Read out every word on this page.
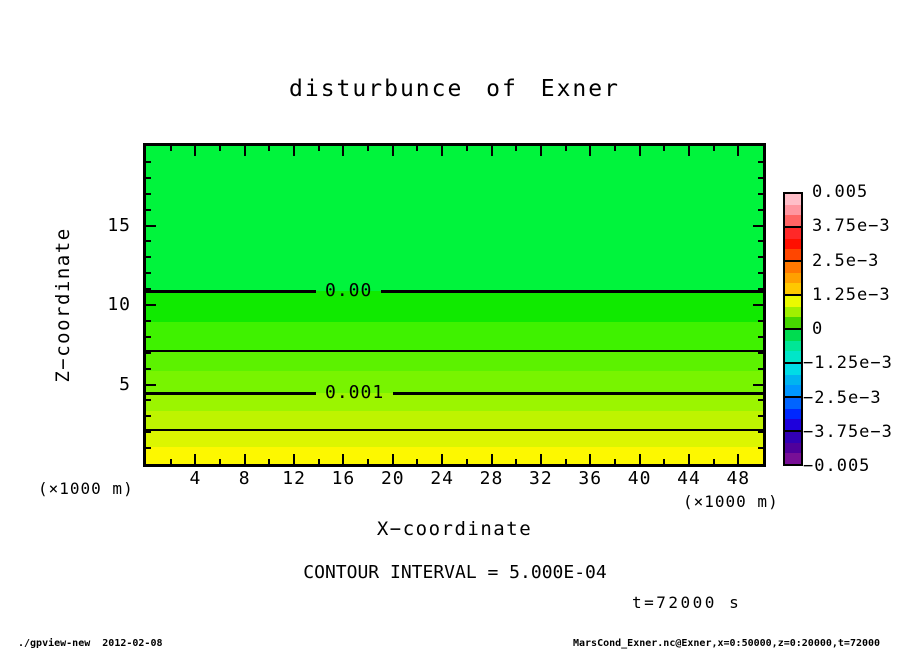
disturbunce of Exner
Z−coordinate	0.00
0.001
4	8	12	16	20	24	28	32	36	40	44	48
5
10
15
(×1000 m)
(×1000 m)
X−coordinate
0.005
3.75e−3
2.5e−3
1.25e−3
0
−1.25e−3
−2.5e−3
−3.75e−3
−0.005
CONTOUR INTERVAL = 5.000E-04
t=72000 s
./gpview-new  2012-02-08	MarsCond_Exner.nc@Exner,x=0:50000,z=0:20000,t=72000
